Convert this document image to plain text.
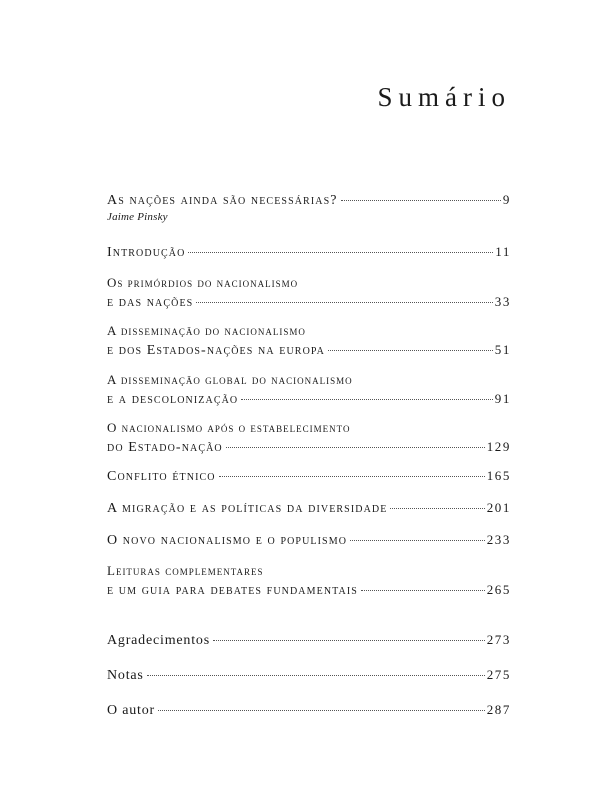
Sumário
As nações ainda são necessárias?	9
Jaime Pinsky
Introdução	11
Os primórdios do nacionalismo
e das nações	33
A disseminação do nacionalismo
e dos Estados-nações na europa	51
A disseminação global do nacionalismo
e a descolonização	91
O nacionalismo após o estabelecimento
do Estado-nação	129
Conflito étnico	165
A migração e as políticas da diversidade	201
O novo nacionalismo e o populismo	233
Leituras complementares
e um guia para debates fundamentais	265
Agradecimentos	273
Notas	275
O autor	287
